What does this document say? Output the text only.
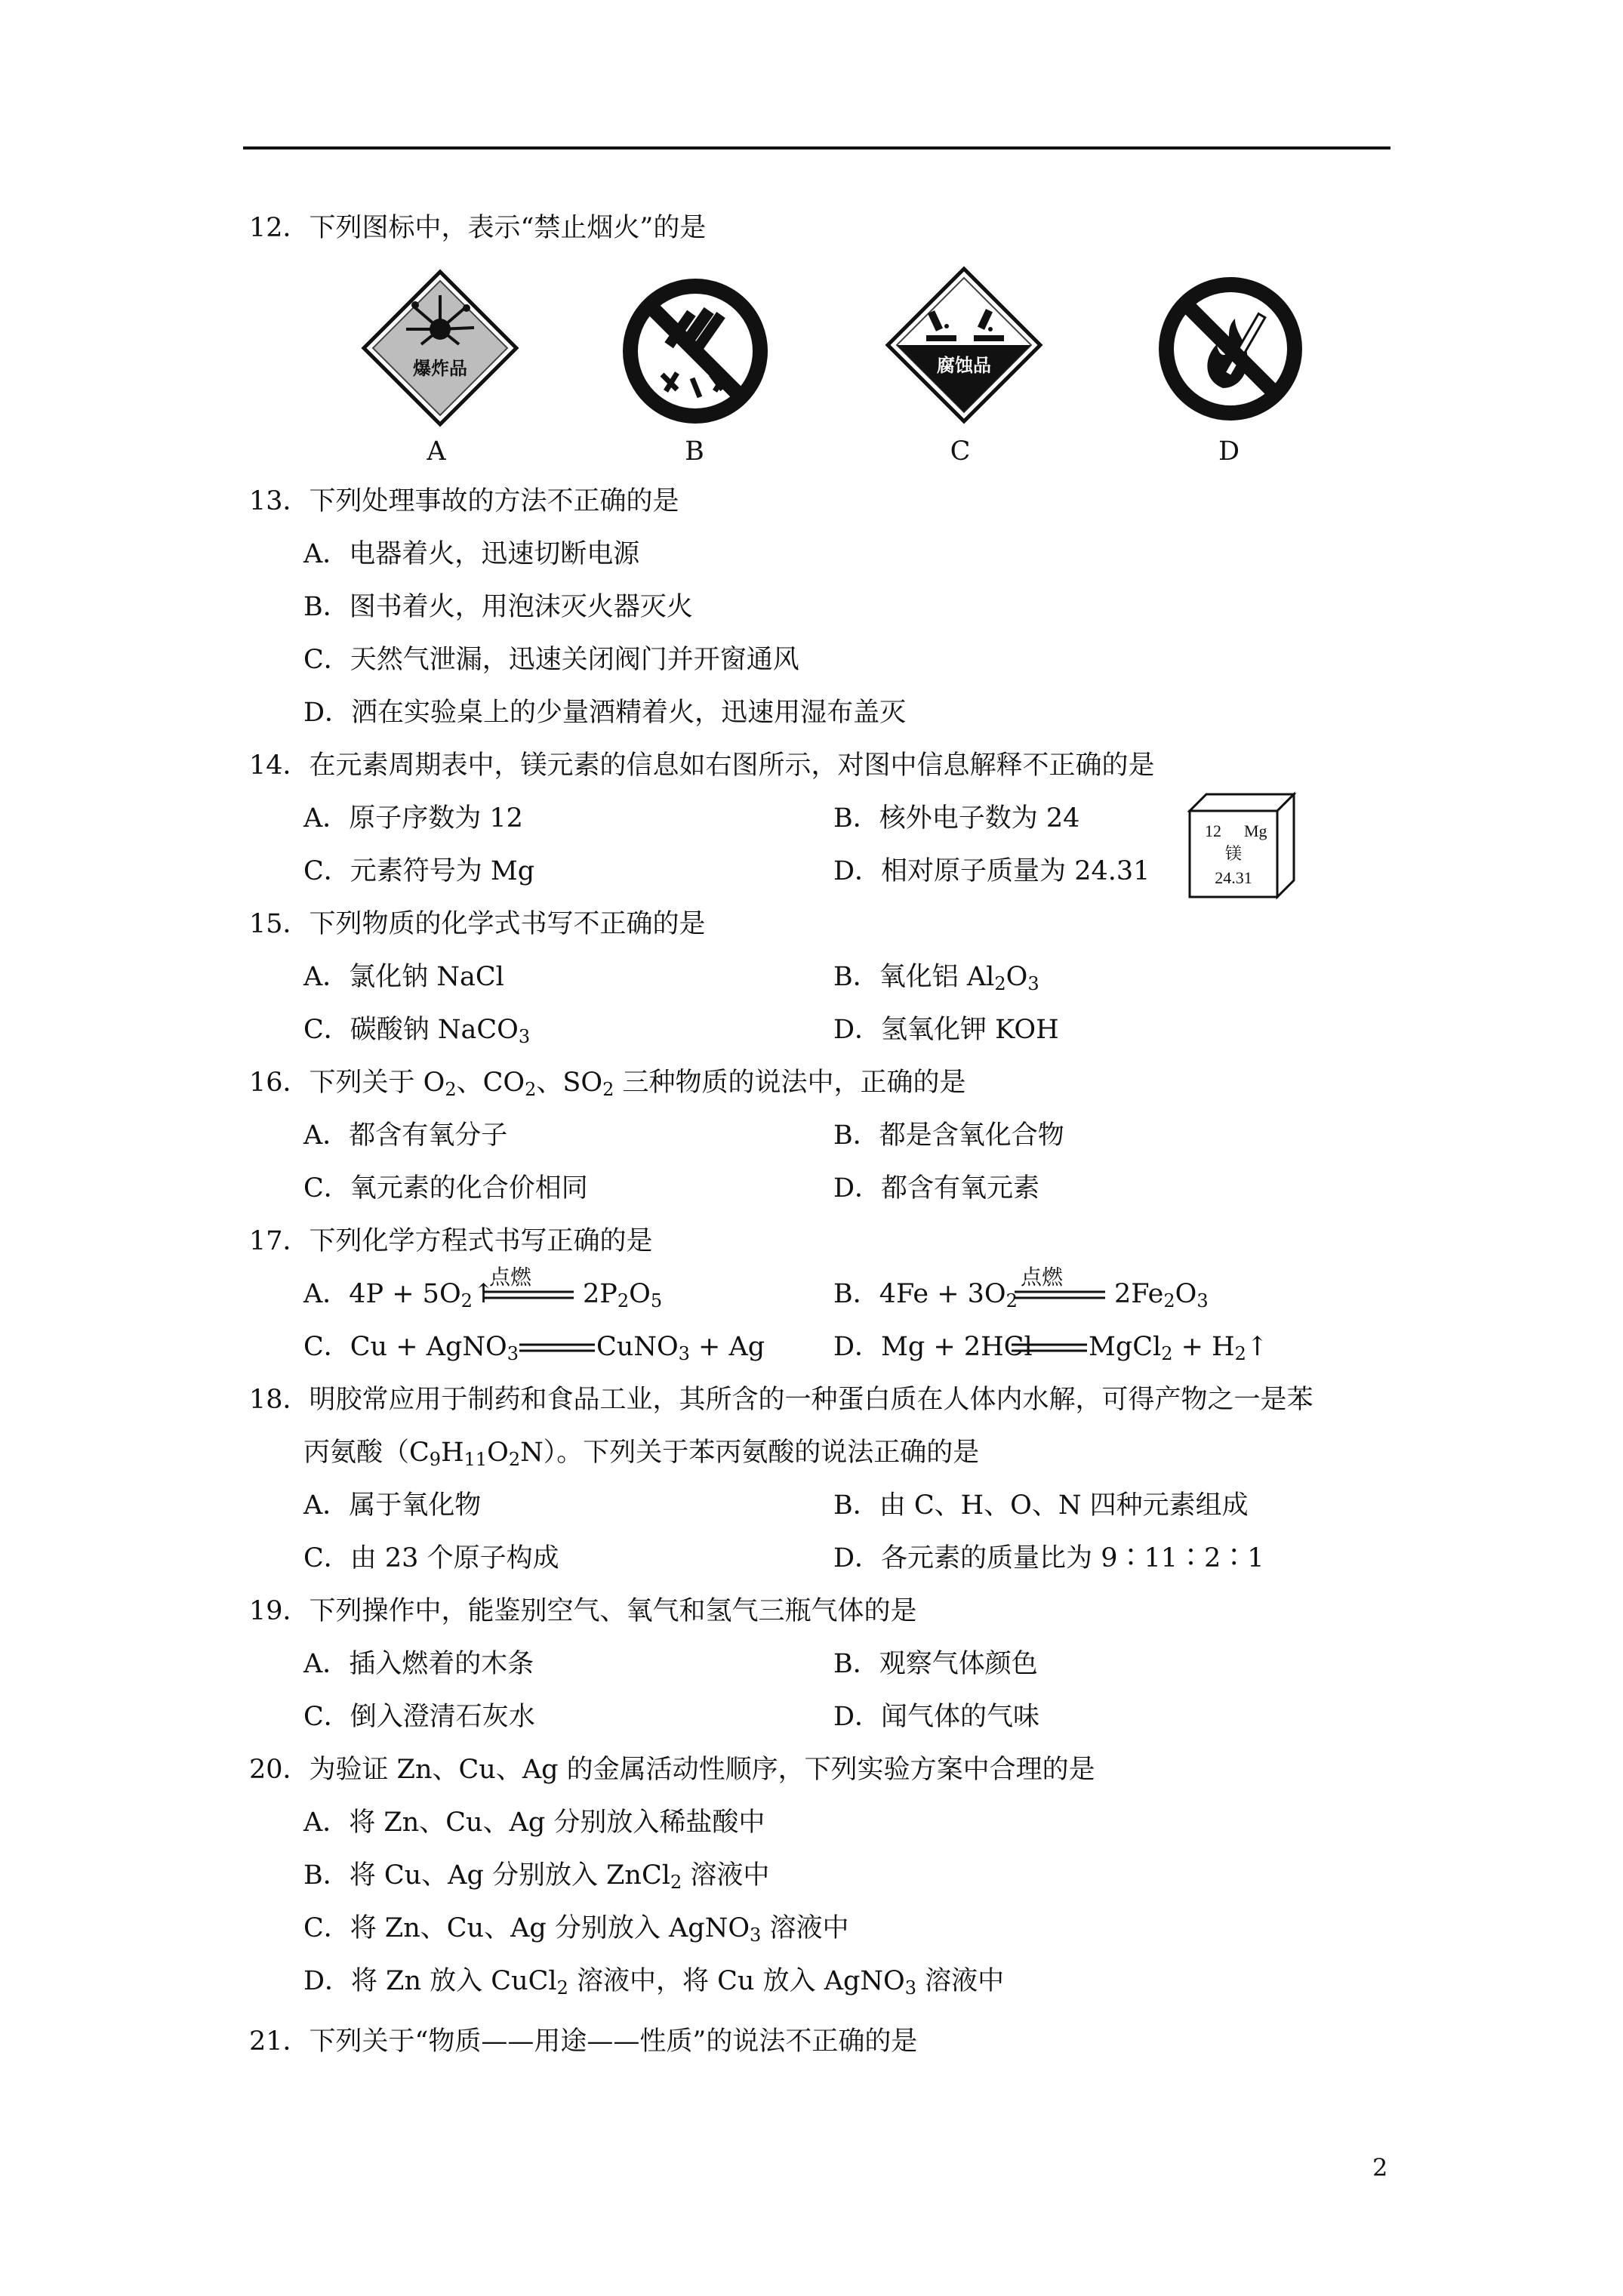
12．下列图标中，表示“禁止烟火”的是
爆炸品
A	B
腐蚀品
C	D
13．下列处理事故的方法不正确的是
A．电器着火，迅速切断电源
B．图书着火，用泡沫灭火器灭火
C．天然气泄漏，迅速关闭阀门并开窗通风
D．洒在实验桌上的少量酒精着火，迅速用湿布盖灭
14．在元素周期表中，镁元素的信息如右图所示，对图中信息解释不正确的是
A．原子序数为 12	B．核外电子数为 24
C．元素符号为 Mg	D．相对原子质量为 24.31
12 Mg
镁
24.31
15．下列物质的化学式书写不正确的是
A．氯化钠 NaCl	B．氧化铝 $Al_2O_3$
C．碳酸钠 NaCO$_3$	D．氢氧化钾 KOH
16．下列关于 $O_2$、$CO_2$、$SO_2$ 三种物质的说法中，正确的是
A．都含有氧分子	B．都是含氧化合物
C．氧元素的化合价相同	D．都含有氧元素
17．下列化学方程式书写正确的是
A．$4P + 5O_2↑$
点燃
$2P_2O_5$	B．$4Fe + 3O_2$
点燃
$2Fe_2O_3$
C．Cu + AgNO$_3$	CuNO$_3$ + Ag	D．Mg + 2HCl MgCl$_2$ + $H_2↑$
18．明胶常应用于制药和食品工业，其所含的一种蛋白质在人体内水解，可得产物之一是苯
丙氨酸$(C_9H_{11}O_2N)$。下列关于苯丙氨酸的说法正确的是
A．属于氧化物	B．由 C、H、O、N 四种元素组成
C．由 23 个原子构成	D．各元素的质量比为 9∶11∶2∶1
19．下列操作中，能鉴别空气、氧气和氢气三瓶气体的是
A．插入燃着的木条	B．观察气体颜色
C．倒入澄清石灰水	D．闻气体的气味
20．为验证 Zn、Cu、Ag 的金属活动性顺序，下列实验方案中合理的是
A．将 Zn、Cu、Ag 分别放入稀盐酸中
B．将 Cu、Ag 分别放入 ZnCl$_2$ 溶液中
C．将 Zn、Cu、Ag 分别放入 AgNO$_3$ 溶液中
D．将 Zn 放入 CuCl$_2$ 溶液中，将 Cu 放入 AgNO$_3$ 溶液中
21．下列关于“物质——用途——性质”的说法不正确的是
2
